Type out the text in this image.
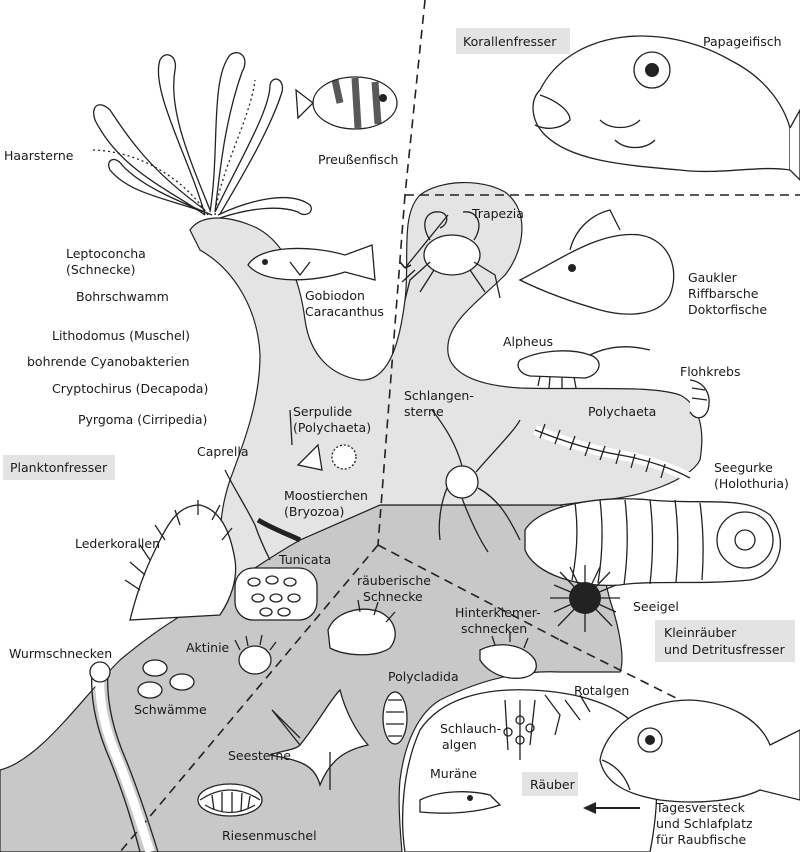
Korallenfresser
Planktonfresser
Kleinräuber
und Detritusfresser
Räuber
Haarsterne	Preußenfisch
Papageifisch
Trapezia
Leptoconcha
(Schnecke)
Bohrschwamm	Gobiodon
Caracanthus
Lithodomus (Muschel)
bohrende Cyanobakterien
Cryptochirus (Decapoda)
Pyrgoma (Cirripedia)
Gaukler
Riffbarsche
Doktorfische
Alpheus
Flohkrebs
Schlangen-
sterne	Polychaeta
Serpulide
(Polychaeta)
Caprella
Seegurke
(Holothuria)
Moostierchen
(Bryozoa)
Lederkorallen
Tunicata
räuberische
Schnecke
Seeigel
Hinterkiemer-
schnecken
Wurmschnecken	Aktinie
Polycladida
Rotalgen
Schwämme
Schlauch-
algen
Seesterne
Muräne
Riesenmuschel
Tagesversteck
und Schlafplatz
für Raubfische
